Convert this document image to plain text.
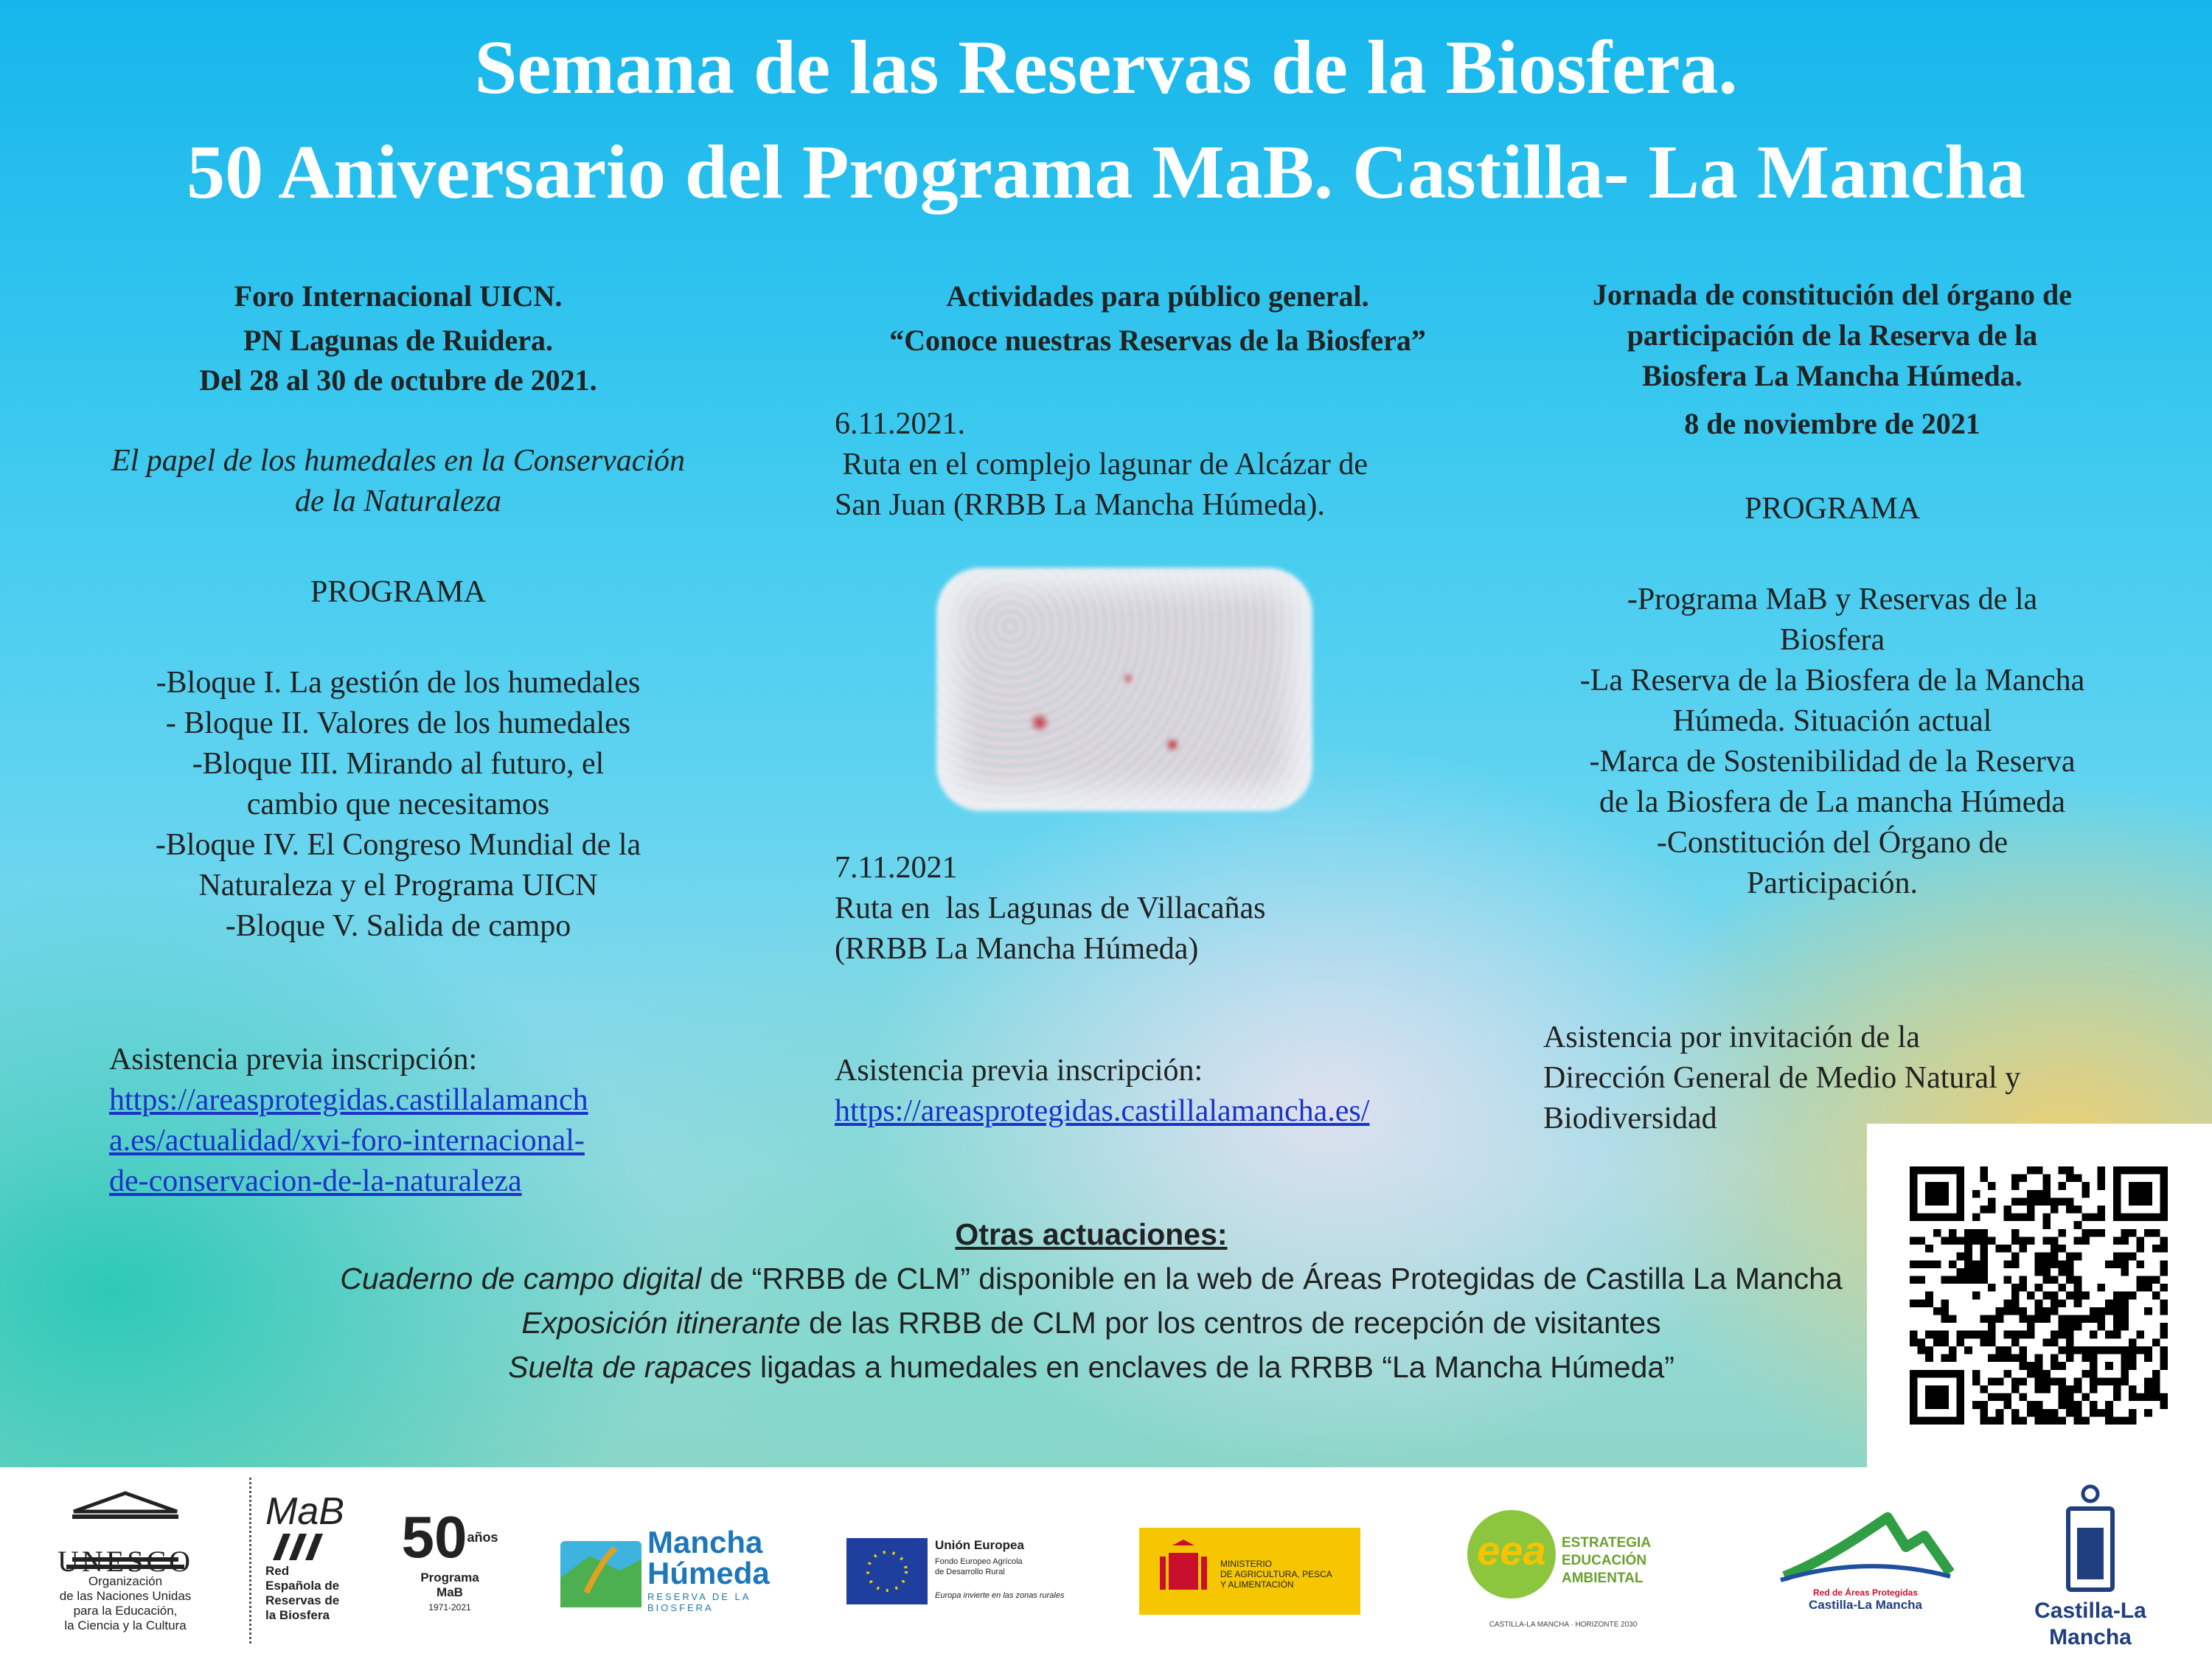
Semana de las Reservas de la Biosfera.
50 Aniversario del Programa MaB. Castilla- La Mancha

Foro Internacional UICN.

PN Lagunas de Ruidera.

Del 28 al 30 de octubre de 2021.

El papel de los humedales en la Conservación

de la Naturaleza

PROGRAMA

-Bloque I. La gestión de los humedales

- Bloque II. Valores de los humedales

-Bloque III. Mirando al futuro, el

cambio que necesitamos

-Bloque IV. El Congreso Mundial de la

Naturaleza y el Programa UICN

-Bloque V. Salida de campo

Asistencia previa inscripción:

https://areasprotegidas.castillalamanch
a.es/actualidad/xvi-foro-internacional-
de-conservacion-de-la-naturaleza

Actividades para público general.

“Conoce nuestras Reservas de la Biosfera”

6.11.2021.

Ruta en el complejo lagunar de Alcázar de

San Juan (RRBB La Mancha Húmeda).

7.11.2021

Ruta en  las Lagunas de Villacañas

(RRBB La Mancha Húmeda)

Asistencia previa inscripción:

https://areasprotegidas.castillalamancha.es/

Jornada de constitución del órgano de

participación de la Reserva de la

Biosfera La Mancha Húmeda.

8 de noviembre de 2021

PROGRAMA

-Programa MaB y Reservas de la

Biosfera

-La Reserva de la Biosfera de la Mancha

Húmeda. Situación actual

-Marca de Sostenibilidad de la Reserva

de la Biosfera de La mancha Húmeda

-Constitución del Órgano de

Participación.

Asistencia por invitación de la

Dirección General de Medio Natural y

Biodiversidad

Otras actuaciones:

Cuaderno de campo digital de “RRBB de CLM” disponible en la web de Áreas Protegidas de Castilla La Mancha

Exposición itinerante de las RRBB de CLM por los centros de recepción de visitantes

Suelta de rapaces ligadas a humedales en enclaves de la RRBB “La Mancha Húmeda”

UNESCO
Organización
de las Naciones Unidas
para la Educación,
la Ciencia y la Cultura
MaB
Red
Española de
Reservas de
la Biosfera
$50^{años}$
Programa
MaB
1971-2021
Mancha
Húmeda
RESERVA DE LA BIOSFERA
Unión Europea
Fondo Europeo Agrícola
de Desarrollo Rural
Europa invierte en las zonas rurales
MINISTERIO
DE AGRICULTURA, PESCA
Y ALIMENTACIÓN
eea	ESTRATEGIA
EDUCACIÓN
AMBIENTAL
CASTILLA-LA MANCHA · HORIZONTE 2030
Red de Áreas Protegidas
Castilla-La Mancha	Castilla-La Mancha
